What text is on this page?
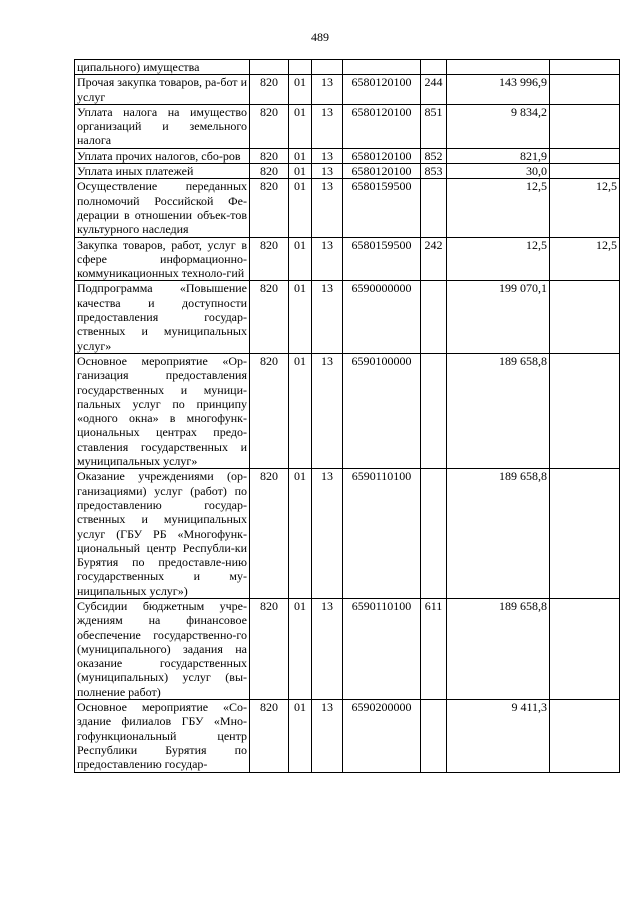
489
ципального) имущества							
Прочая закупка товаров, ра-бот и услуг	820	01	13	6580120100	244	143 996,9	
Уплата налога на имущество организаций и земельного налога	820	01	13	6580120100	851	9 834,2	
Уплата прочих налогов, сбо-ров	820	01	13	6580120100	852	821,9	
Уплата иных платежей	820	01	13	6580120100	853	30,0	
Осуществление переданных полномочий Российской Фе-дерации в отношении объек-тов культурного наследия	820	01	13	6580159500		12,5	12,5
Закупка товаров, работ, услуг в сфере информационно-коммуникационных техноло-гий	820	01	13	6580159500	242	12,5	12,5
Подпрограмма «Повышение качества и доступности предоставления государ-ственных и муниципальных услуг»	820	01	13	6590000000		199 070,1	
Основное мероприятие «Ор-ганизация предоставления государственных и муници-пальных услуг по принципу «одного окна» в многофунк-циональных центрах предо-ставления государственных и муниципальных услуг»	820	01	13	6590100000		189 658,8	
Оказание учреждениями (ор-ганизациями) услуг (работ) по предоставлению государ-ственных и муниципальных услуг (ГБУ РБ «Многофунк-циональный центр Республи-ки Бурятия по предоставле-нию государственных и му-ниципальных услуг»)	820	01	13	6590110100		189 658,8	
Субсидии бюджетным учре-ждениям на финансовое обеспечение государственно-го (муниципального) задания на оказание государственных (муниципальных) услуг (вы-полнение работ)	820	01	13	6590110100	611	189 658,8	
Основное мероприятие «Со-здание филиалов ГБУ «Мно-гофункциональный центр Республики Бурятия по предоставлению государ-	820	01	13	6590200000		9 411,3	
